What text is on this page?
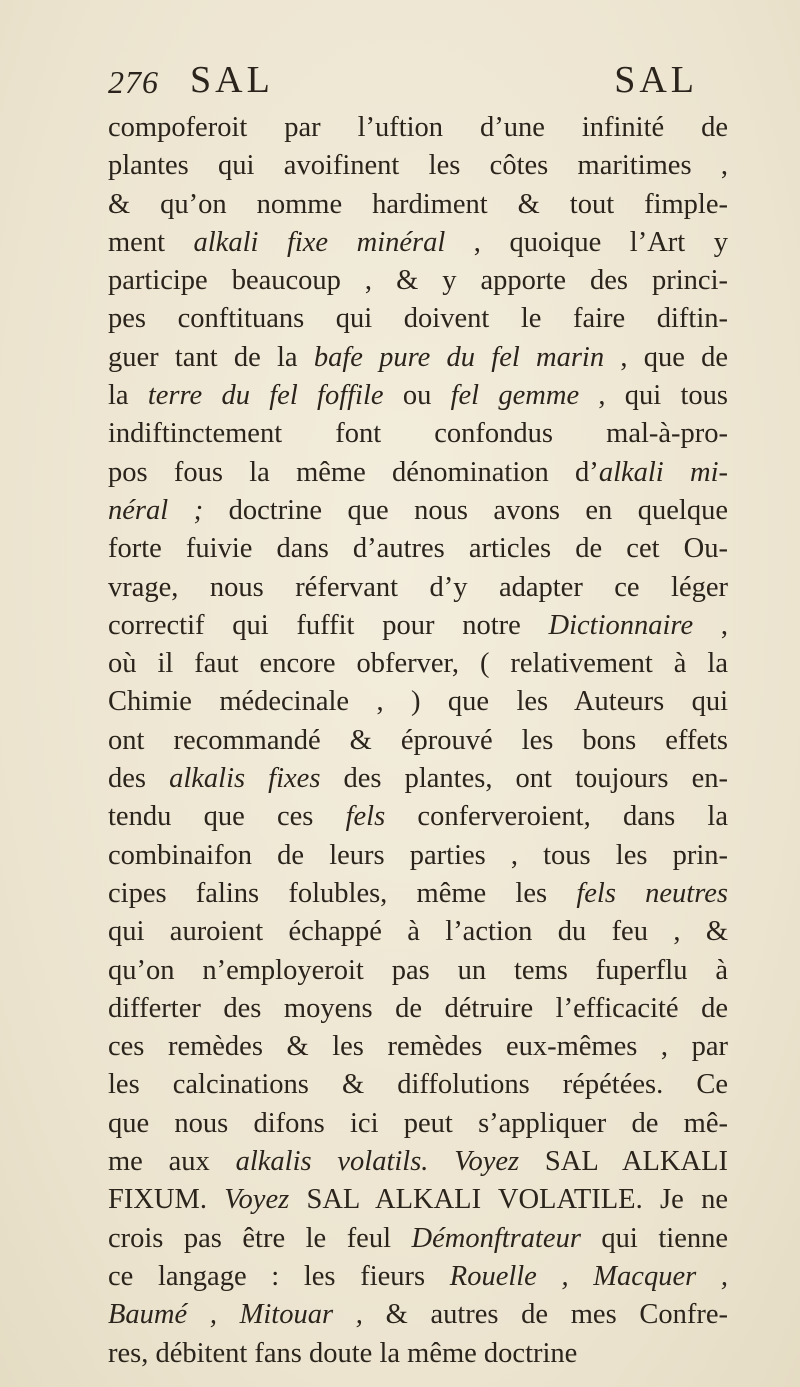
276 SAL	SAL
compoferoit par l’uftion d’une infinité de
plantes qui avoifinent les côtes maritimes ,
& qu’on nomme hardiment & tout fimple-
ment alkali fixe minéral , quoique l’Art y
participe beaucoup , & y apporte des princi-
pes conftituans qui doivent le faire diftin-
guer tant de la bafe pure du fel marin , que de
la terre du fel foffile ou fel gemme , qui tous
indiftinctement font confondus mal-à-pro-
pos fous la même dénomination d’alkali mi-
néral ; doctrine que nous avons en quelque
forte fuivie dans d’autres articles de cet Ou-
vrage, nous réfervant d’y adapter ce léger
correctif qui fuffit pour notre Dictionnaire ,
où il faut encore obferver, ( relativement à la
Chimie médecinale , ) que les Auteurs qui
ont recommandé & éprouvé les bons effets
des alkalis fixes des plantes, ont toujours en-
tendu que ces fels conferveroient, dans la
combinaifon de leurs parties , tous les prin-
cipes falins folubles, même les fels neutres
qui auroient échappé à l’action du feu , &
qu’on n’employeroit pas un tems fuperflu à
differter des moyens de détruire l’efficacité de
ces remèdes & les remèdes eux-mêmes , par
les calcinations & diffolutions répétées. Ce
que nous difons ici peut s’appliquer de mê-
me aux alkalis volatils. Voyez SAL ALKALI
FIXUM. Voyez SAL ALKALI VOLATILE. Je ne
crois pas être le feul Démonftrateur qui tienne
ce langage : les fieurs Rouelle , Macquer ,
Baumé , Mitouar , & autres de mes Confre-
res, débitent fans doute la même doctrine
